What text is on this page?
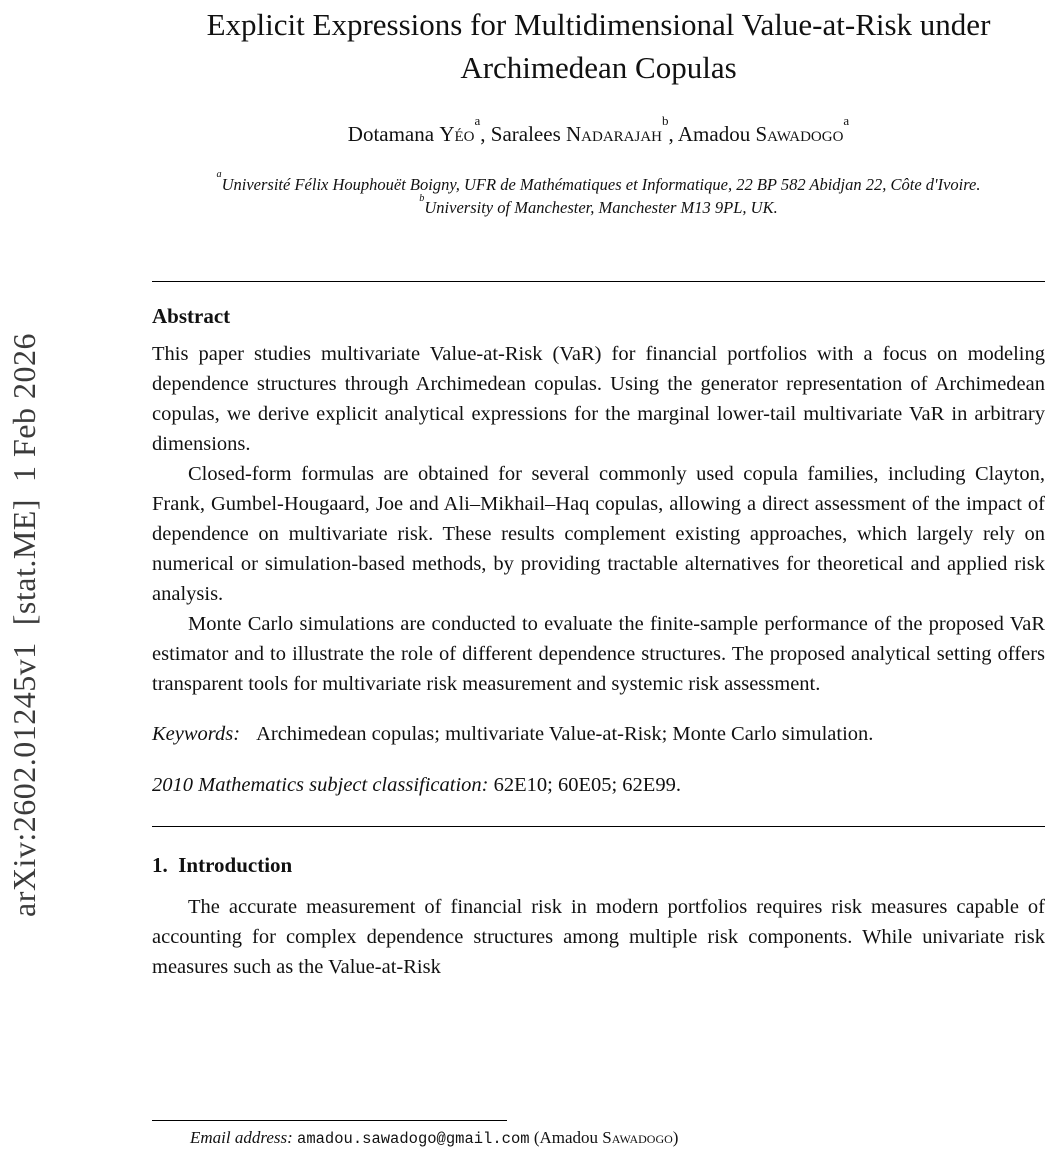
arXiv:2602.01245v1  [stat.ME]  1 Feb 2026
Explicit Expressions for Multidimensional Value-at-Risk under Archimedean Copulas
Dotamana Yéo$^a$, Saralees Nadarajah$^b$, Amadou Sawadogo$^a$

$^a$Université Félix Houphouët Boigny, UFR de Mathématiques et Informatique, 22 BP 582 Abidjan 22, Côte d'Ivoire.

$^b$University of Manchester, Manchester M13 9PL, UK.

Abstract

This paper studies multivariate Value-at-Risk (VaR) for financial portfolios with a focus on modeling dependence structures through Archimedean copulas. Using the generator representation of Archimedean copulas, we derive explicit analytical expressions for the marginal lower-tail multivariate VaR in arbitrary dimensions.

Closed-form formulas are obtained for several commonly used copula families, including Clayton, Frank, Gumbel-Hougaard, Joe and Ali–Mikhail–Haq copulas, allowing a direct assessment of the impact of dependence on multivariate risk. These results complement existing approaches, which largely rely on numerical or simulation-based methods, by providing tractable alternatives for theoretical and applied risk analysis.

Monte Carlo simulations are conducted to evaluate the finite-sample performance of the proposed VaR estimator and to illustrate the role of different dependence structures. The proposed analytical setting offers transparent tools for multivariate risk measurement and systemic risk assessment.

Keywords: Archimedean copulas; multivariate Value-at-Risk; Monte Carlo simulation.

2010 Mathematics subject classification: 62E10; 60E05; 62E99.

1.  Introduction

The accurate measurement of financial risk in modern portfolios requires risk measures capable of accounting for complex dependence structures among multiple risk components. While univariate risk measures such as the Value-at-Risk

Email address: amadou.sawadogo@gmail.com (Amadou Sawadogo)
